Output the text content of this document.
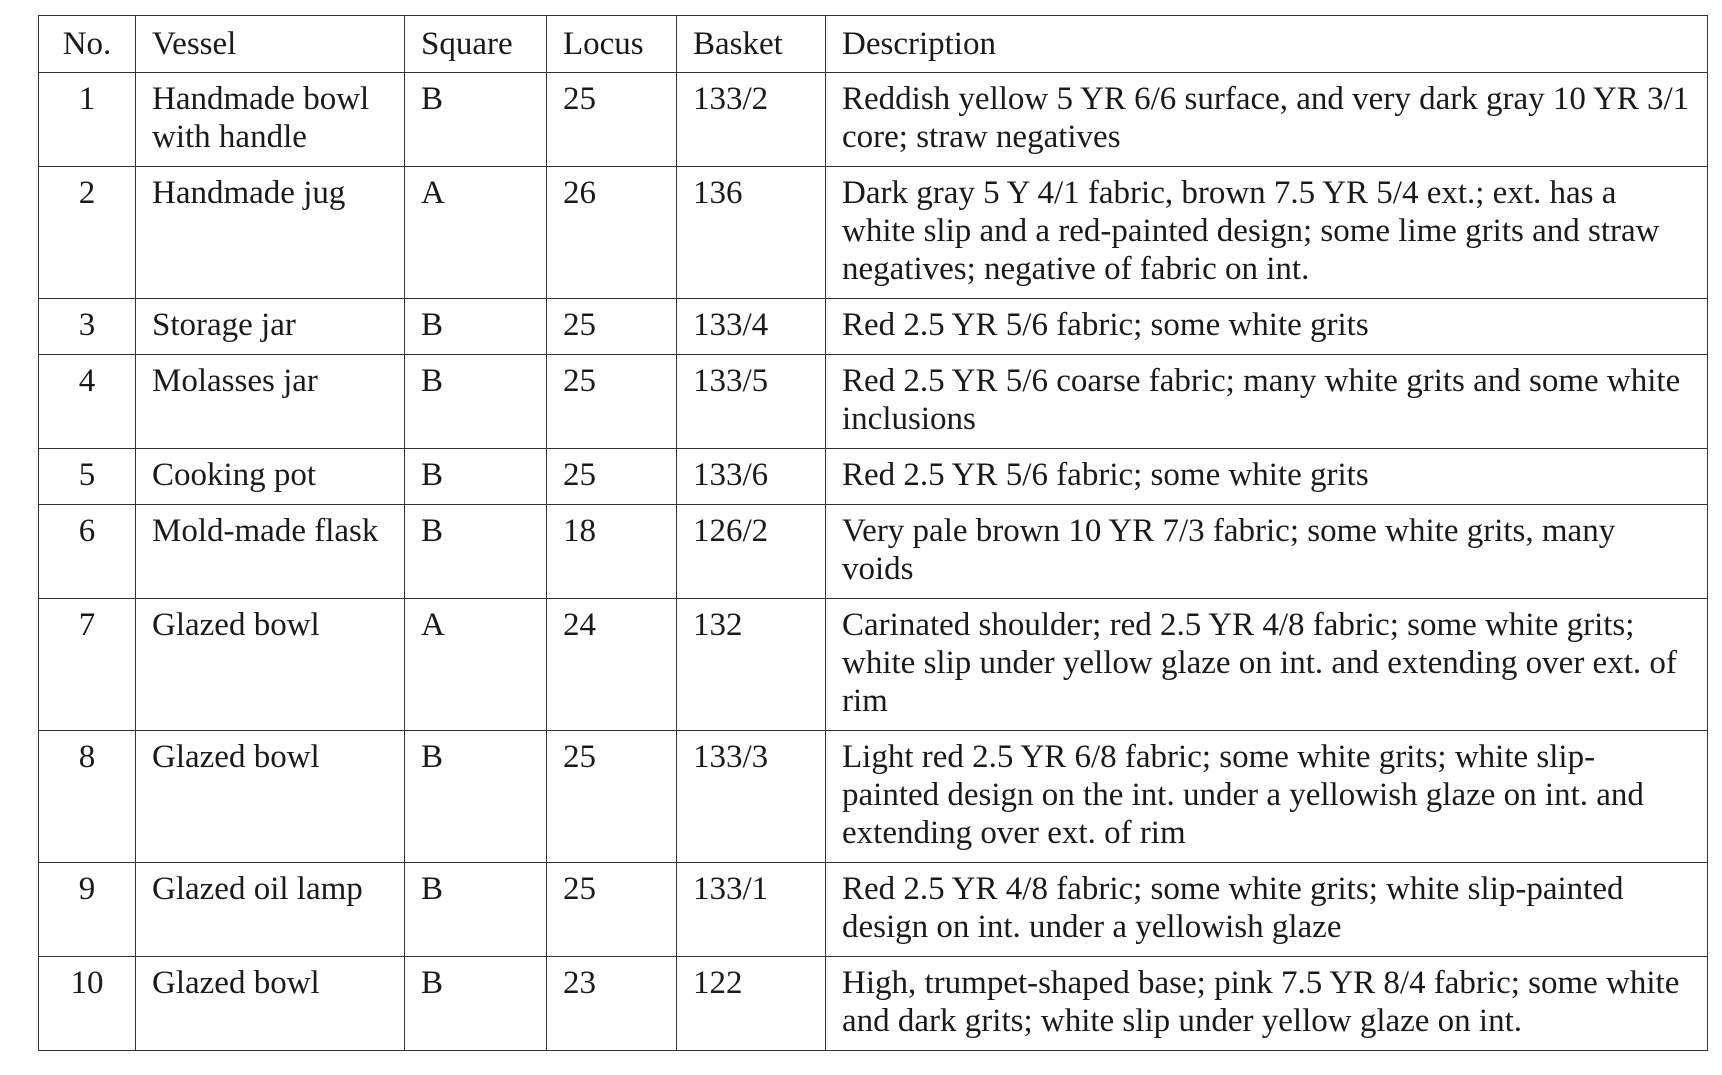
No.	Vessel	Square	Locus	Basket	Description
1	Handmade bowl with handle	B	25	133/2	Reddish yellow 5 YR 6/6 surface, and very dark gray 10 YR 3/1 core; straw negatives
2	Handmade jug	A	26	136	Dark gray 5 Y 4/1 fabric, brown 7.5 YR 5/4 ext.; ext. has a white slip and a red-painted design; some lime grits and straw negatives; negative of fabric on int.
3	Storage jar	B	25	133/4	Red 2.5 YR 5/6 fabric; some white grits
4	Molasses jar	B	25	133/5	Red 2.5 YR 5/6 coarse fabric; many white grits and some white inclusions
5	Cooking pot	B	25	133/6	Red 2.5 YR 5/6 fabric; some white grits
6	Mold-made flask	B	18	126/2	Very pale brown 10 YR 7/3 fabric; some white grits, many voids
7	Glazed bowl	A	24	132	Carinated shoulder; red 2.5 YR 4/8 fabric; some white grits; white slip under yellow glaze on int. and extending over ext. of rim
8	Glazed bowl	B	25	133/3	Light red 2.5 YR 6/8 fabric; some white grits; white slip-painted design on the int. under a yellowish glaze on int. and extending over ext. of rim
9	Glazed oil lamp	B	25	133/1	Red 2.5 YR 4/8 fabric; some white grits; white slip-painted design on int. under a yellowish glaze
10	Glazed bowl	B	23	122	High, trumpet-shaped base; pink 7.5 YR 8/4 fabric; some white and dark grits; white slip under yellow glaze on int.
